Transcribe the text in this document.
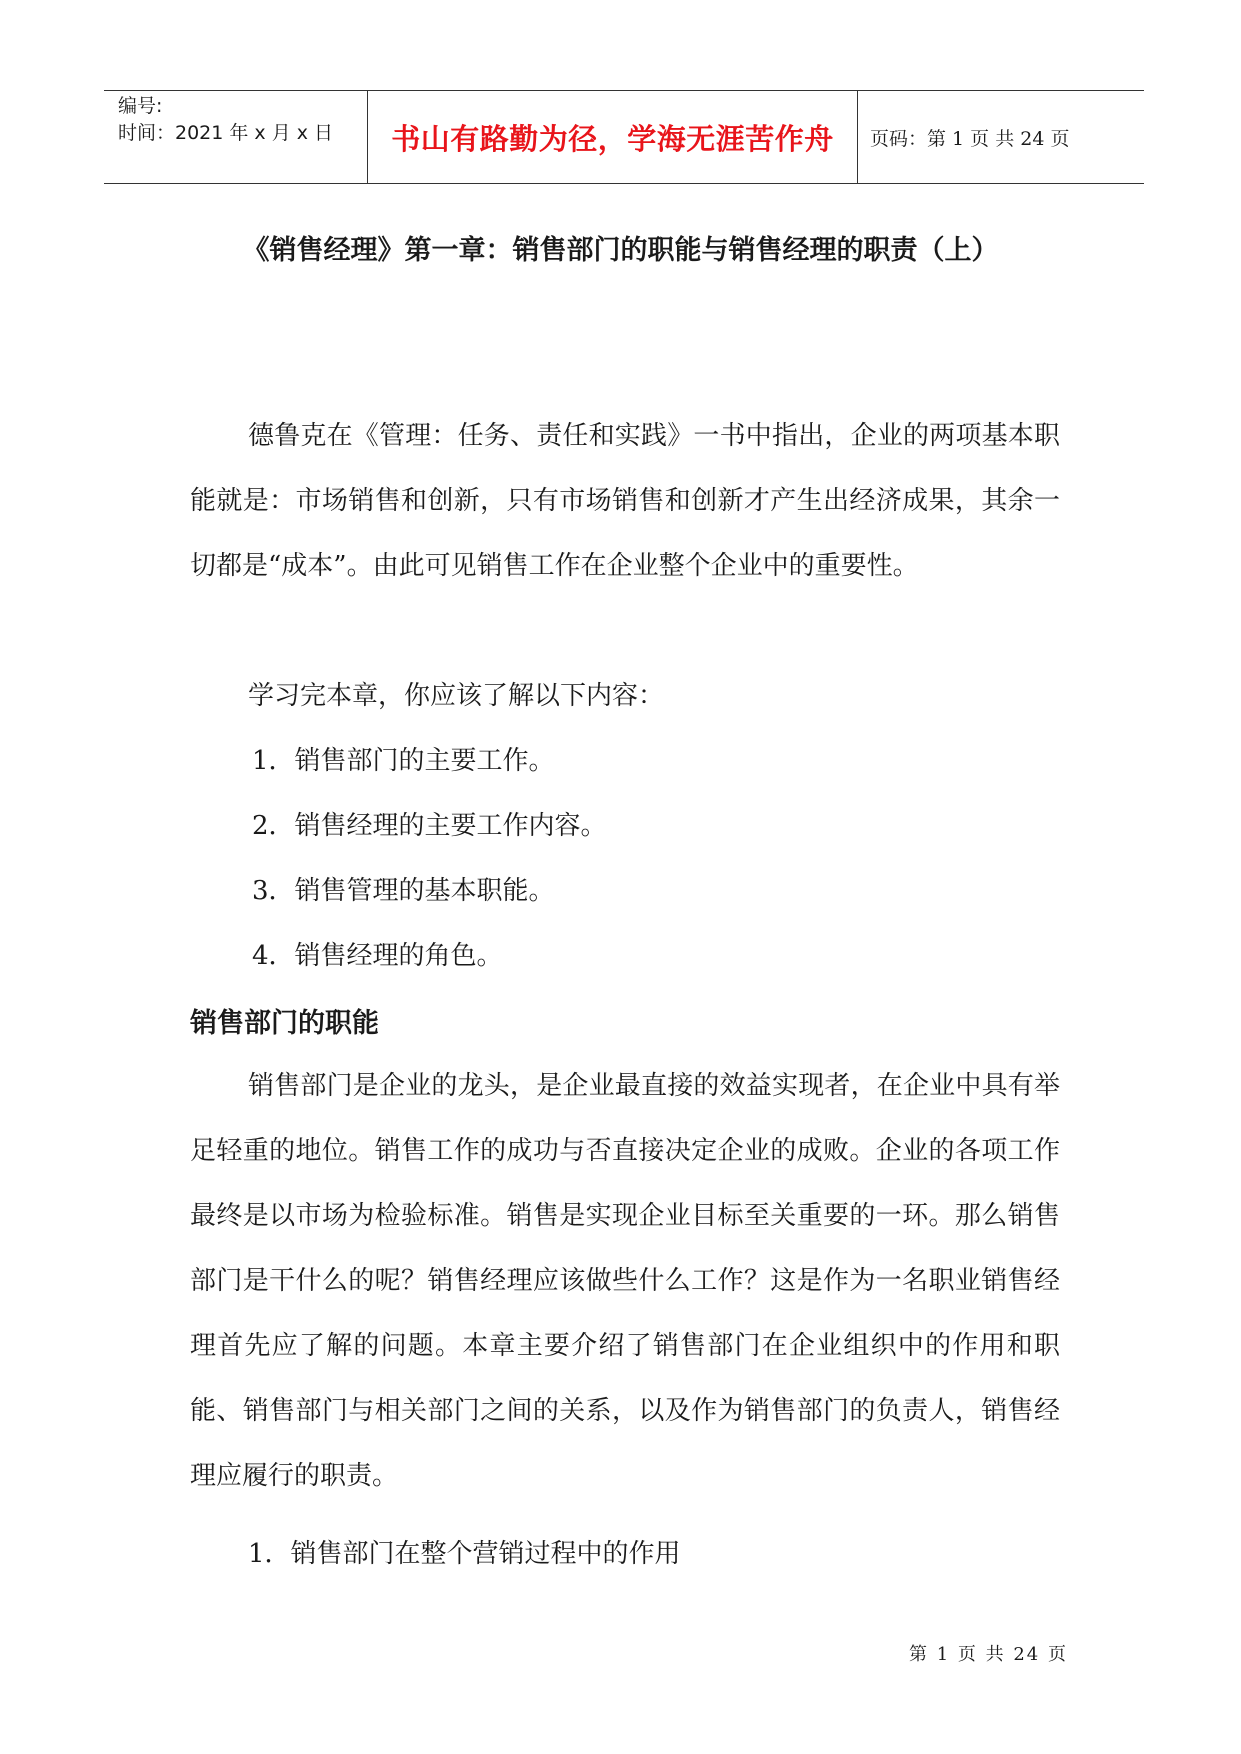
编号:
时间：2021 年 x 月 x 日	书山有路勤为径，学海无涯苦作舟 页码：第 1 页 共 24 页
《销售经理》第一章：销售部门的职能与销售经理的职责（上）

德鲁克在《管理：任务、责任和实践》一书中指出，企业的两项基本职能就是：市场销售和创新，只有市场销售和创新才产生出经济成果，其余一切都是“成本”。由此可见销售工作在企业整个企业中的重要性。

学习完本章，你应该了解以下内容：

1．销售部门的主要工作。
2．销售经理的主要工作内容。
3．销售管理的基本职能。
4．销售经理的角色。
销售部门的职能

销售部门是企业的龙头，是企业最直接的效益实现者，在企业中具有举足轻重的地位。销售工作的成功与否直接决定企业的成败。企业的各项工作最终是以市场为检验标准。销售是实现企业目标至关重要的一环。那么销售部门是干什么的呢？销售经理应该做些什么工作？这是作为一名职业销售经理首先应了解的问题。本章主要介绍了销售部门在企业组织中的作用和职能、销售部门与相关部门之间的关系，以及作为销售部门的负责人，销售经理应履行的职责。

1．销售部门在整个营销过程中的作用
第 1 页 共 24 页
